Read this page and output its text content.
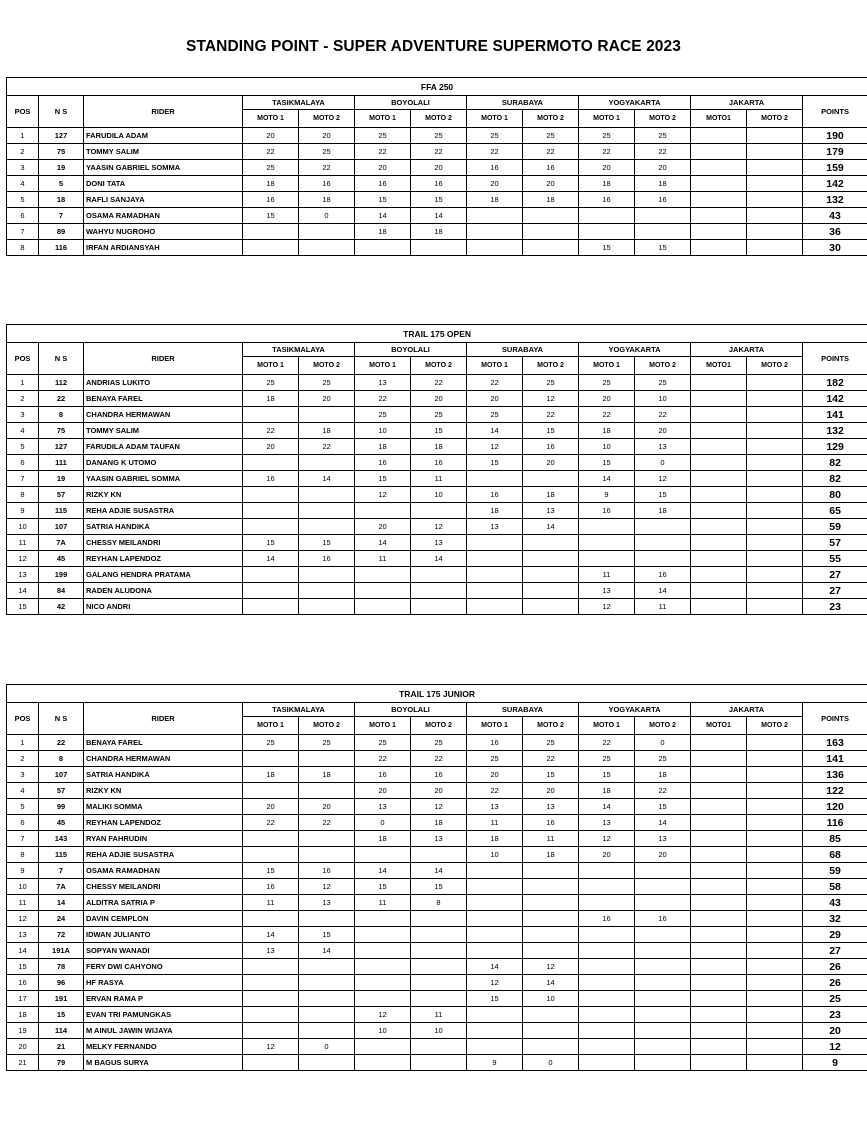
STANDING POINT - SUPER ADVENTURE SUPERMOTO RACE 2023
FFA 250													
POS	N S	RIDER	TASIKMALAYA		BOYOLALI		SURABAYA		YOGYAKARTA		JAKARTA		POINTS
			MOTO 1	MOTO 2	MOTO 1	MOTO 2	MOTO 1	MOTO 2	MOTO 1	MOTO 2	MOTO1	MOTO 2	
1	127	FARUDILA ADAM	20	20	25	25	25	25	25	25			190
2	75	TOMMY SALIM	22	25	22	22	22	22	22	22			179
3	19	YAASIN GABRIEL SOMMA	25	22	20	20	16	16	20	20			159
4	5	DONI TATA	18	16	16	16	20	20	18	18			142
5	18	RAFLI SANJAYA	16	18	15	15	18	18	16	16			132
6	7	OSAMA RAMADHAN	15	0	14	14							43
7	89	WAHYU NUGROHO			18	18							36
8	116	IRFAN ARDIANSYAH							15	15			30
TRAIL 175 OPEN													
POS	N S	RIDER	TASIKMALAYA		BOYOLALI		SURABAYA		YOGYAKARTA		JAKARTA		POINTS
			MOTO 1	MOTO 2	MOTO 1	MOTO 2	MOTO 1	MOTO 2	MOTO 1	MOTO 2	MOTO1	MOTO 2	
1	112	ANDRIAS LUKITO	25	25	13	22	22	25	25	25			182
2	22	BENAYA FAREL	18	20	22	20	20	12	20	10			142
3	8	CHANDRA HERMAWAN			25	25	25	22	22	22			141
4	75	TOMMY SALIM	22	18	10	15	14	15	18	20			132
5	127	FARUDILA ADAM TAUFAN	20	22	18	18	12	16	10	13			129
6	111	DANANG K UTOMO			16	16	15	20	15	0			82
7	19	YAASIN GABRIEL SOMMA	16	14	15	11			14	12			82
8	57	RIZKY KN			12	10	16	18	9	15			80
9	115	REHA ADJIE SUSASTRA					18	13	16	18			65
10	107	SATRIA HANDIKA			20	12	13	14					59
11	7A	CHESSY MEILANDRI	15	15	14	13							57
12	45	REYHAN LAPENDOZ	14	16	11	14							55
13	199	GALANG HENDRA PRATAMA							11	16			27
14	84	RADEN ALUDONA							13	14			27
15	42	NICO ANDRI							12	11			23
TRAIL 175 JUNIOR													
POS	N S	RIDER	TASIKMALAYA		BOYOLALI		SURABAYA		YOGYAKARTA		JAKARTA		POINTS
			MOTO 1	MOTO 2	MOTO 1	MOTO 2	MOTO 1	MOTO 2	MOTO 1	MOTO 2	MOTO1	MOTO 2	
1	22	BENAYA FAREL	25	25	25	25	16	25	22	0			163
2	8	CHANDRA HERMAWAN			22	22	25	22	25	25			141
3	107	SATRIA HANDIKA	18	18	16	16	20	15	15	18			136
4	57	RIZKY KN			20	20	22	20	18	22			122
5	99	MALIKI SOMMA	20	20	13	12	13	13	14	15			120
6	45	REYHAN LAPENDOZ	22	22	0	18	11	16	13	14			116
7	143	RYAN FAHRUDIN			18	13	18	11	12	13			85
8	115	REHA ADJIE SUSASTRA					10	18	20	20			68
9	7	OSAMA RAMADHAN	15	16	14	14							59
10	7A	CHESSY MEILANDRI	16	12	15	15							58
11	14	ALDITRA SATRIA P	11	13	11	8							43
12	24	DAVIN CEMPLON							16	16			32
13	72	IDWAN JULIANTO	14	15									29
14	191A	SOPYAN WANADI	13	14									27
15	78	FERY DWI CAHYONO					14	12					26
16	96	HF RASYA					12	14					26
17	191	ERVAN RAMA P					15	10					25
18	15	EVAN TRI PAMUNGKAS			12	11							23
19	114	M AINUL JAWIN WIJAYA			10	10							20
20	21	MELKY FERNANDO	12	0									12
21	79	M BAGUS SURYA					9	0					9
